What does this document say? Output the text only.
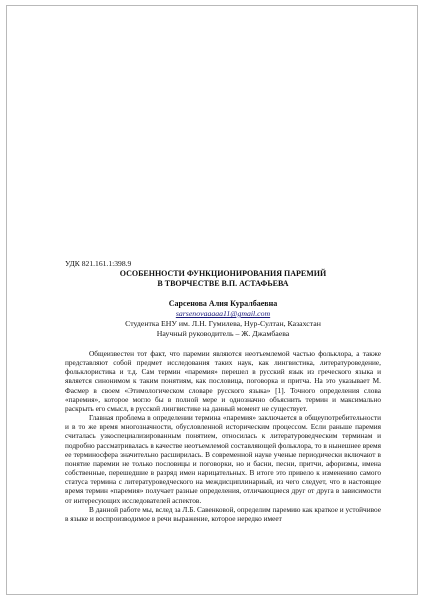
УДК 821.161.1:398.9
ОСОБЕННОСТИ ФУНКЦИОНИРОВАНИЯ ПАРЕМИЙ
В ТВОРЧЕСТВЕ В.П. АСТАФЬЕВА
Сарсенова Алия Куралбаевна
sarsenovaaaaa11@gmail.com
Студентка ЕНУ им. Л.Н. Гумилева, Нур-Султан, Казахстан
Научный руководитель – Ж. Джамбаева

Общеизвестен тот факт, что паремии являются неотъемлемой частью фольклора, а также представляют собой предмет исследования таких наук, как лингвистика, литературоведение, фольклористика и т.д. Сам термин «паремия» перешел в русский язык из греческого языка и является синонимом к таким понятиям, как пословица, поговорка и притча. На это указывает М. Фасмер в своем «Этимологическом словаре русского языка» [1]. Точного определения слова «паремия», которое могло бы в полной мере и однозначно объяснить термин и максимально раскрыть его смысл, в русской лингвистике на данный момент не существует.

Главная проблема в определении термина «паремия» заключается в общеупотребительности и в то же время многозначности, обусловленной историческим процессом. Если раньше паремия считалась узкоспециализированным понятием, относилась к литературоведческим терминам и подробно рассматривалась в качестве неотъемлемой составляющей фольклора, то в нынешнее время ее терминосфера значительно расширилась. В современной науке ученые периодически включают в понятие паремии не только пословицы и поговорки, но и басни, песни, притчи, афоризмы, имена собственные, перешедшие в разряд имен нарицательных. В итоге это привело к изменению самого статуса термина с литературоведческого на междисциплинарный, из чего следует, что в настоящее время термин «паремия» получает разные определения, отличающиеся друг от друга в зависимости от интересующих исследователей аспектов.

В данной работе мы, вслед за Л.Б. Савенковой, определим паремию как краткое и устойчивое в языке и воспроизводимое в речи выражение, которое нередко имеет
